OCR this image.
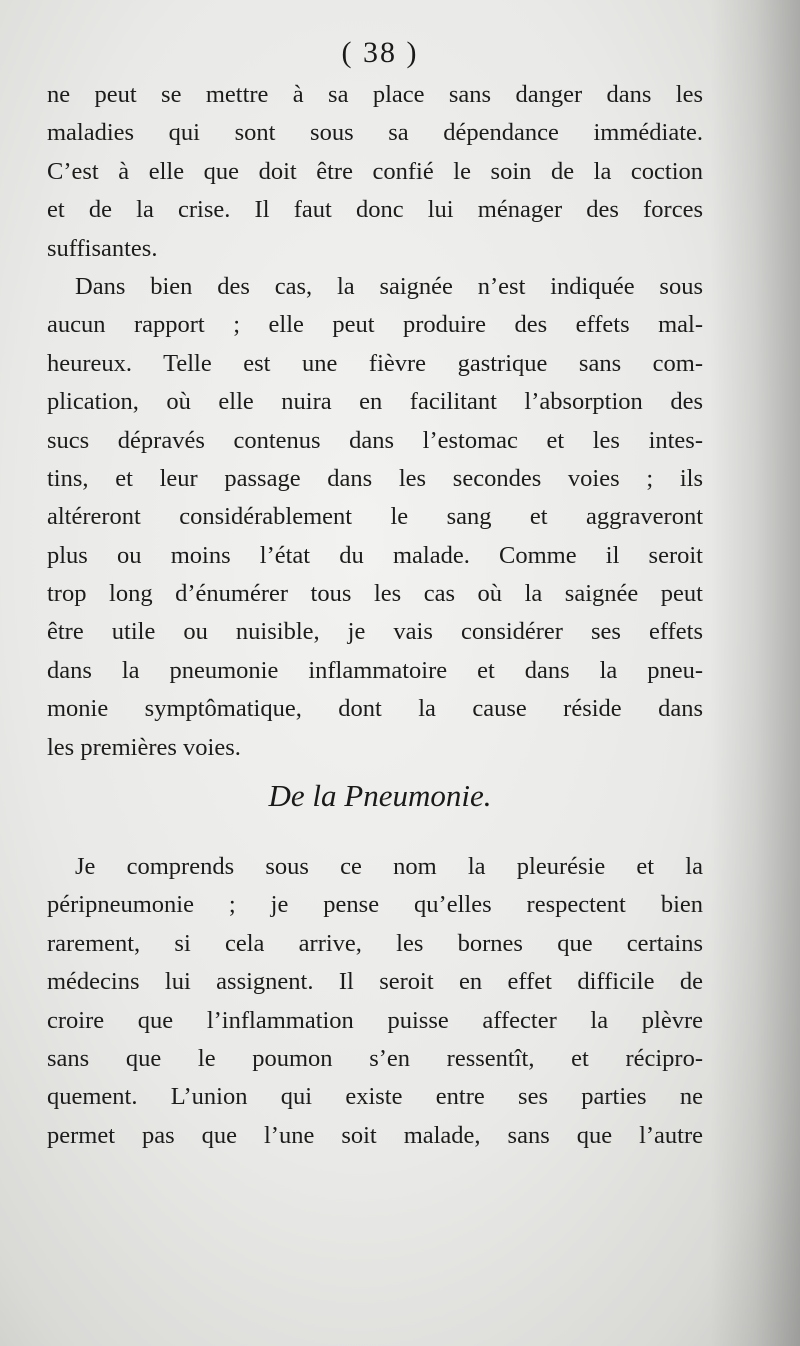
( 38 )
ne peut se mettre à sa place sans danger dans les
maladies qui sont sous sa dépendance immédiate.
C’est à elle que doit être confié le soin de la coction
et de la crise. Il faut donc lui ménager des forces
suffisantes.
Dans bien des cas, la saignée n’est indiquée sous
aucun rapport ; elle peut produire des effets mal-
heureux. Telle est une fièvre gastrique sans com-
plication, où elle nuira en facilitant l’absorption des
sucs dépravés contenus dans l’estomac et les intes-
tins, et leur passage dans les secondes voies ; ils
altéreront considérablement le sang et aggraveront
plus ou moins l’état du malade. Comme il seroit
trop long d’énumérer tous les cas où la saignée peut
être utile ou nuisible, je vais considérer ses effets
dans la pneumonie inflammatoire et dans la pneu-
monie symptômatique, dont la cause réside dans
les premières voies.
De la Pneumonie.
Je comprends sous ce nom la pleurésie et la
péripneumonie ; je pense qu’elles respectent bien
rarement, si cela arrive, les bornes que certains
médecins lui assignent. Il seroit en effet difficile de
croire que l’inflammation puisse affecter la plèvre
sans que le poumon s’en ressentît, et récipro-
quement. L’union qui existe entre ses parties ne
permet pas que l’une soit malade, sans que l’autre
